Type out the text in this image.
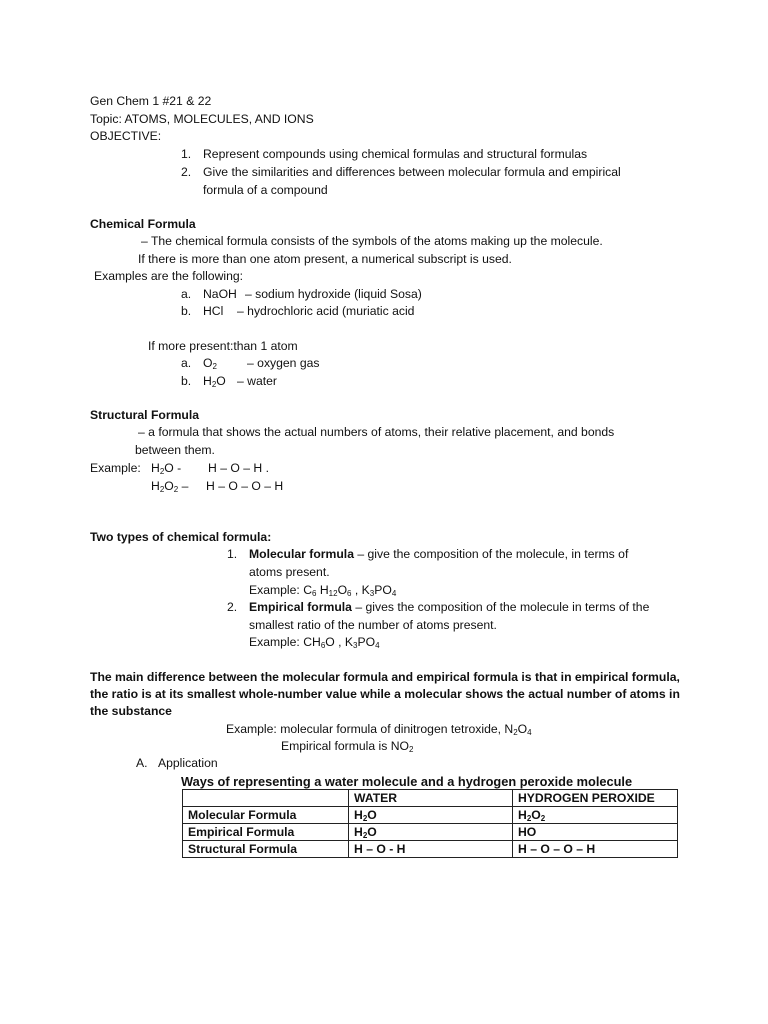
Gen Chem 1 #21 & 22
Topic: ATOMS, MOLECULES, AND IONS
OBJECTIVE:
1. Represent compounds using chemical formulas and structural formulas
2. Give the similarities and differences between molecular formula and empirical
formula of a compound
Chemical Formula
– The chemical formula consists of the symbols of the atoms making up the molecule.
If there is more than one atom present, a numerical subscript is used.
Examples are the following:
a. NaOH – sodium hydroxide (liquid Sosa)
b. HCl – hydrochloric acid (muriatic acid
If more present:than 1 atom
a. $O_2$ – oxygen gas
b. $H_2O$ – water
Structural Formula
– a formula that shows the actual numbers of atoms, their relative placement, and bonds
between them.
Example: $H_2O$ - H – O – H .
$H_2O_2$ – H – O – O – H
Two types of chemical formula:
1. Molecular formula – give the composition of the molecule, in terms of
atoms present.
Example: $C_6$ $H_{12}O_6$ , $K_3PO_4$
2. Empirical formula – gives the composition of the molecule in terms of the
smallest ratio of the number of atoms present.
Example: $CH_6O$ , $K_3PO_4$
The main difference between the molecular formula and empirical formula is that in empirical formula,
the ratio is at its smallest whole-number value while a molecular shows the actual number of atoms in
the substance
Example: molecular formula of dinitrogen tetroxide, $N_2O_4$
Empirical formula is $NO_2$
A. Application
Ways of representing a water molecule and a hydrogen peroxide molecule
	WATER	HYDROGEN PEROXIDE
Molecular Formula	$H_2O$	$H_2O_2$
Empirical Formula	$H_2O$	HO
Structural Formula	H – O - H	H – O – O – H
